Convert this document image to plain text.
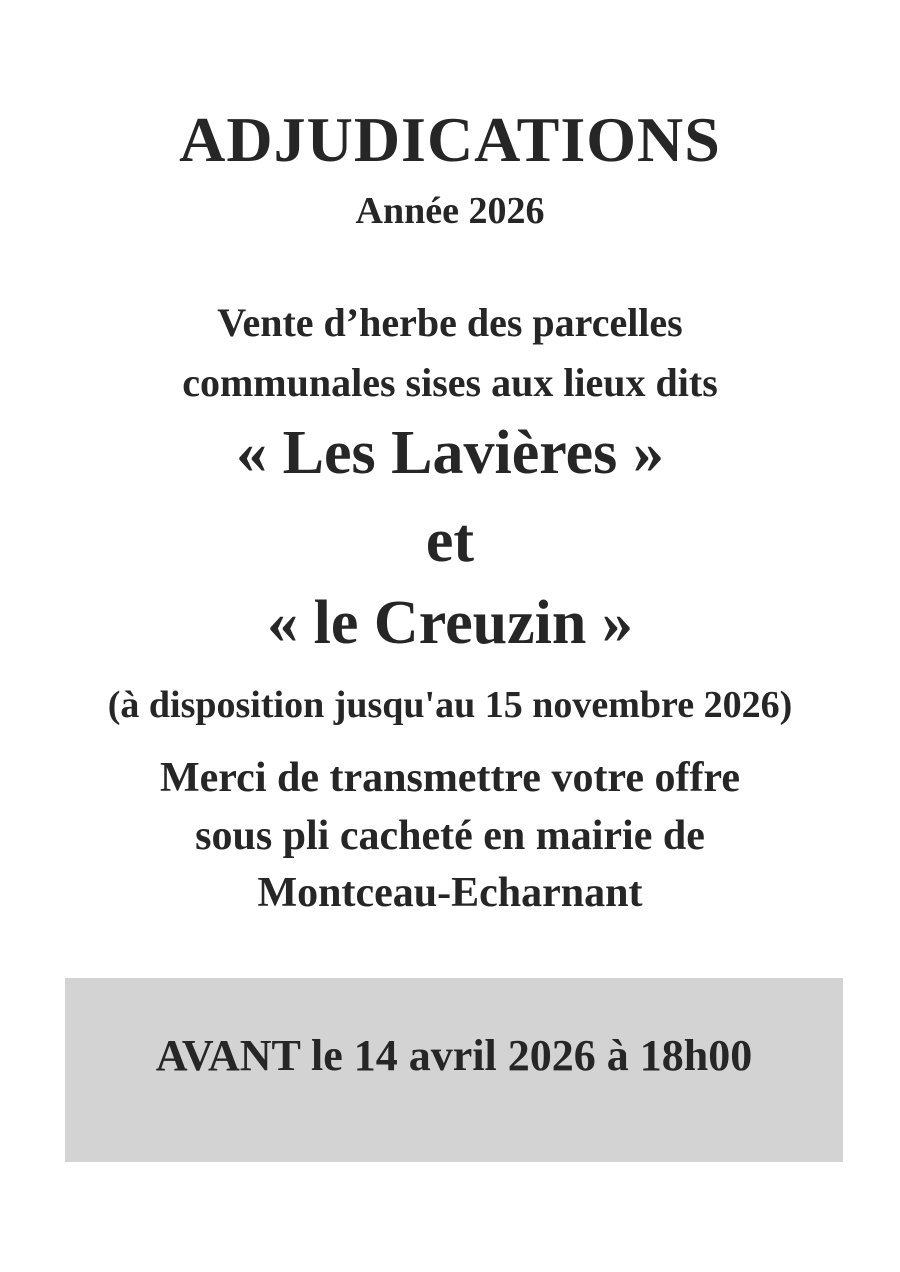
ADJUDICATIONS
Année 2026
Vente d’herbe des parcelles
communales sises aux lieux dits
« Les Lavières »
et
« le Creuzin »
(à disposition jusqu'au 15 novembre 2026)
Merci de transmettre votre offre
sous pli cacheté en mairie de
Montceau-Echarnant
AVANT le 14 avril 2026 à 18h00
